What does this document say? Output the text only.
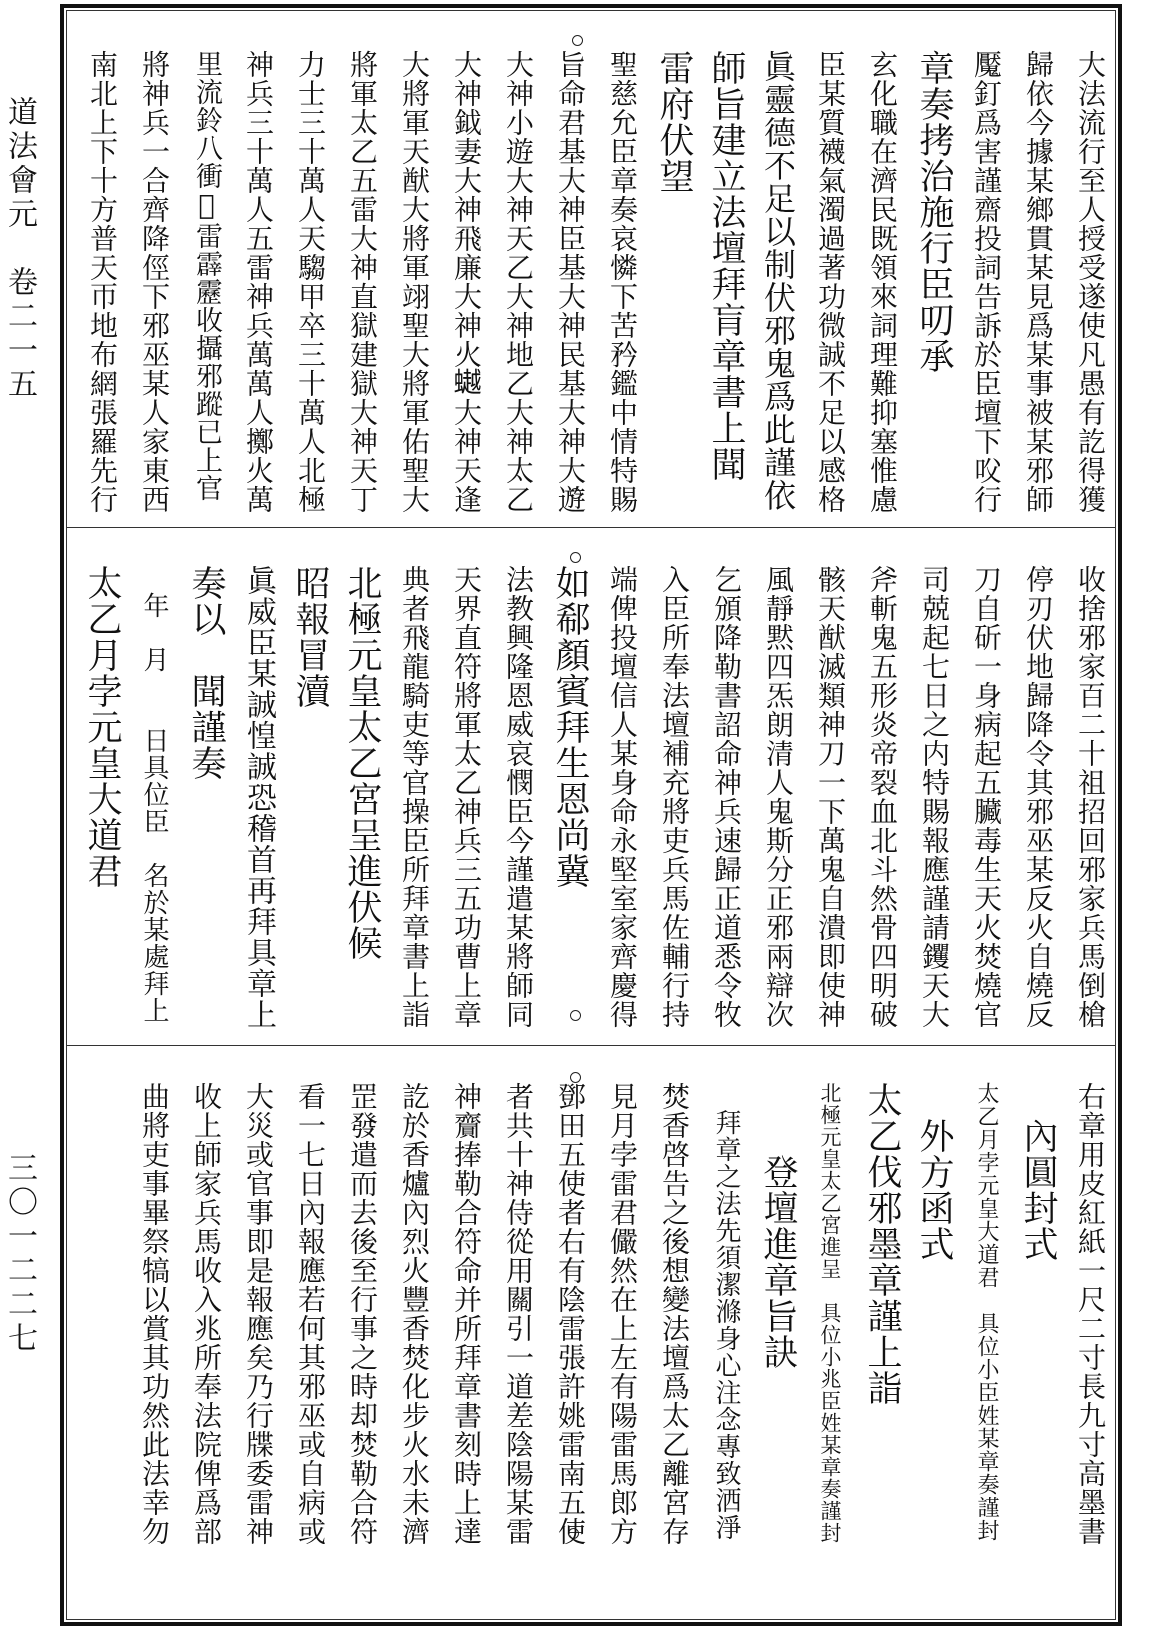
道法會元　卷二一五
三〇一二二七
大法流行至人授受遂使凡愚有訖得獲
歸依今據某鄉貫某見爲某事被某邪師
魘釘爲害謹齋投詞告訴於臣壇下㕮行
章奏拷治施行臣叨承
玄化職在濟民既領來詞理難抑塞惟慮
臣某質襪氣濁過著功微誠不足以感格
眞靈德不足以制伏邪鬼爲此謹依
師旨建立法壇拜肓章書上聞
雷府伏望
聖慈允臣章奏哀憐下苦矜鑑中情特賜
旨命君基大神臣基大神民基大神大遊
大神小遊大神天乙大神地乙大神太乙
大神鉞妻大神飛廉大神火𧑅大神天逢
大將軍天猷大將軍翊聖大將軍佑聖大
將軍太乙五雷大神直獄建獄大神天丁
力士三十萬人天騶甲卒三十萬人北極
神兵三十萬人五雷神兵萬萬人擲火萬
里流鈴八衝𩆍雷霹靂收攝邪蹤已上官
將神兵一合齊降俓下邪巫某人家東西
南北上下十方普天帀地布網張羅先行
收捨邪家百二十祖招回邪家兵馬倒槍
停刃伏地歸降令其邪巫某反火自燒反
刀自斫一身病起五臟毒生天火焚燒官
司兢起七日之内特賜報應謹請钁天大
斧斬鬼五形炎帝裂血北斗然骨四明破
骸天猷滅類神刀一下萬鬼自潰即使神
風靜黙四炁朗清人鬼斯分正邪兩辯次
乞頒降勒書詔命神兵速歸正道悉令牧
入臣所奉法壇補充將吏兵馬佐輔行持
端俾投壇信人某身命永堅室家齊慶得
如郗顏賓拜生恩尚冀
法教興隆恩威哀憫臣今謹遣某將師同
天界直符將軍太乙神兵三五功曹上章
典者飛龍騎吏等官操臣所拜章書上詣
北極元皇太乙宮呈進伏候
昭報冒瀆
眞威臣某誠惶誠恐稽首再拜具章上
奏以　聞謹奏
　年　月　　日具位臣　名於某處拜上
太乙月孛元皇大道君
右章用皮紅紙一尺二寸長九寸高墨書
　內圓封式
太乙月孛元皇大道君　具位小臣姓某章奏謹封
　外方函式
太乙伐邪墨章謹上詣
北極元皇太乙宮進呈　具位小兆臣姓某章奏謹封
　　登壇進章旨訣
　拜章之法先須潔滌身心注念專致洒淨
焚香啓告之後想變法壇爲太乙離宮存
見月孛雷君儼然在上左有陽雷馬郎方
鄧田五使者右有陰雷張許姚雷南五使
者共十神侍從用關引一道差陰陽某雷
神齎捧勒合符命并所拜章書刻時上達
訖於香爐內烈火豐香焚化步火水未濟
罡發遣而去後至行事之時却焚勒合符
看一七日內報應若何其邪巫或自病或
大災或官事即是報應矣乃行牒委雷神
收上師家兵馬收入兆所奉法院俾爲部
曲將吏事畢祭犒以賞其功然此法幸勿
